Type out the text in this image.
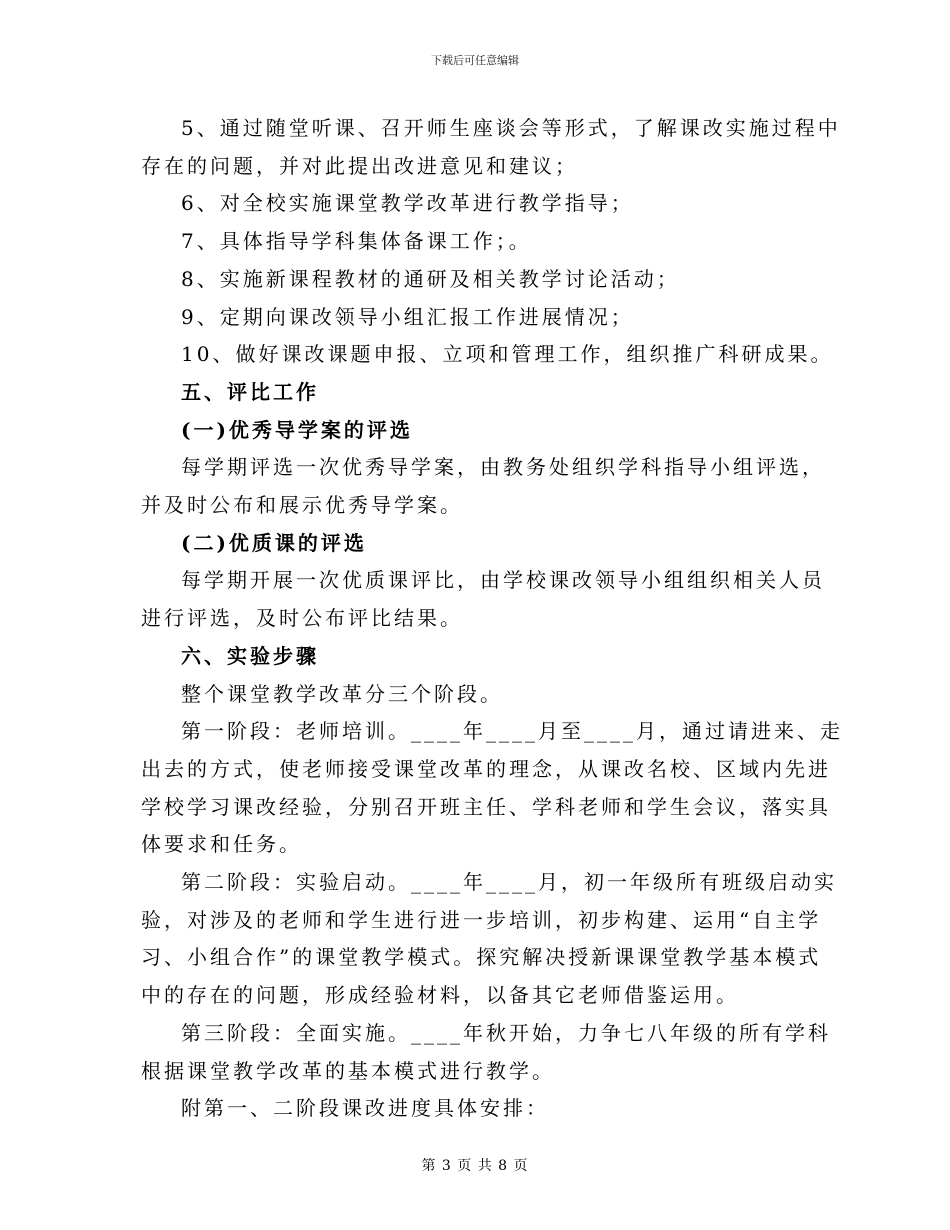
下载后可任意编辑

5、通过随堂听课、召开师生座谈会等形式，了解课改实施过程中
存在的问题，并对此提出改进意见和建议；

6、对全校实施课堂教学改革进行教学指导；

7、具体指导学科集体备课工作；。

8、实施新课程教材的通研及相关教学讨论活动；

9、定期向课改领导小组汇报工作进展情况；

10、做好课改课题申报、立项和管理工作，组织推广科研成果。

五、评比工作

(一)优秀导学案的评选

每学期评选一次优秀导学案，由教务处组织学科指导小组评选，
并及时公布和展示优秀导学案。

(二)优质课的评选

每学期开展一次优质课评比，由学校课改领导小组组织相关人员
进行评选，及时公布评比结果。

六、实验步骤

整个课堂教学改革分三个阶段。

第一阶段：老师培训。____年____月至____月，通过请进来、走
出去的方式，使老师接受课堂改革的理念，从课改名校、区域内先进
学校学习课改经验，分别召开班主任、学科老师和学生会议，落实具
体要求和任务。

第二阶段：实验启动。____年____月，初一年级所有班级启动实
验，对涉及的老师和学生进行进一步培训，初步构建、运用“自主学
习、小组合作”的课堂教学模式。探究解决授新课课堂教学基本模式
中的存在的问题，形成经验材料，以备其它老师借鉴运用。

第三阶段：全面实施。____年秋开始，力争七八年级的所有学科
根据课堂教学改革的基本模式进行教学。

附第一、二阶段课改进度具体安排：

第 3 页 共 8 页
